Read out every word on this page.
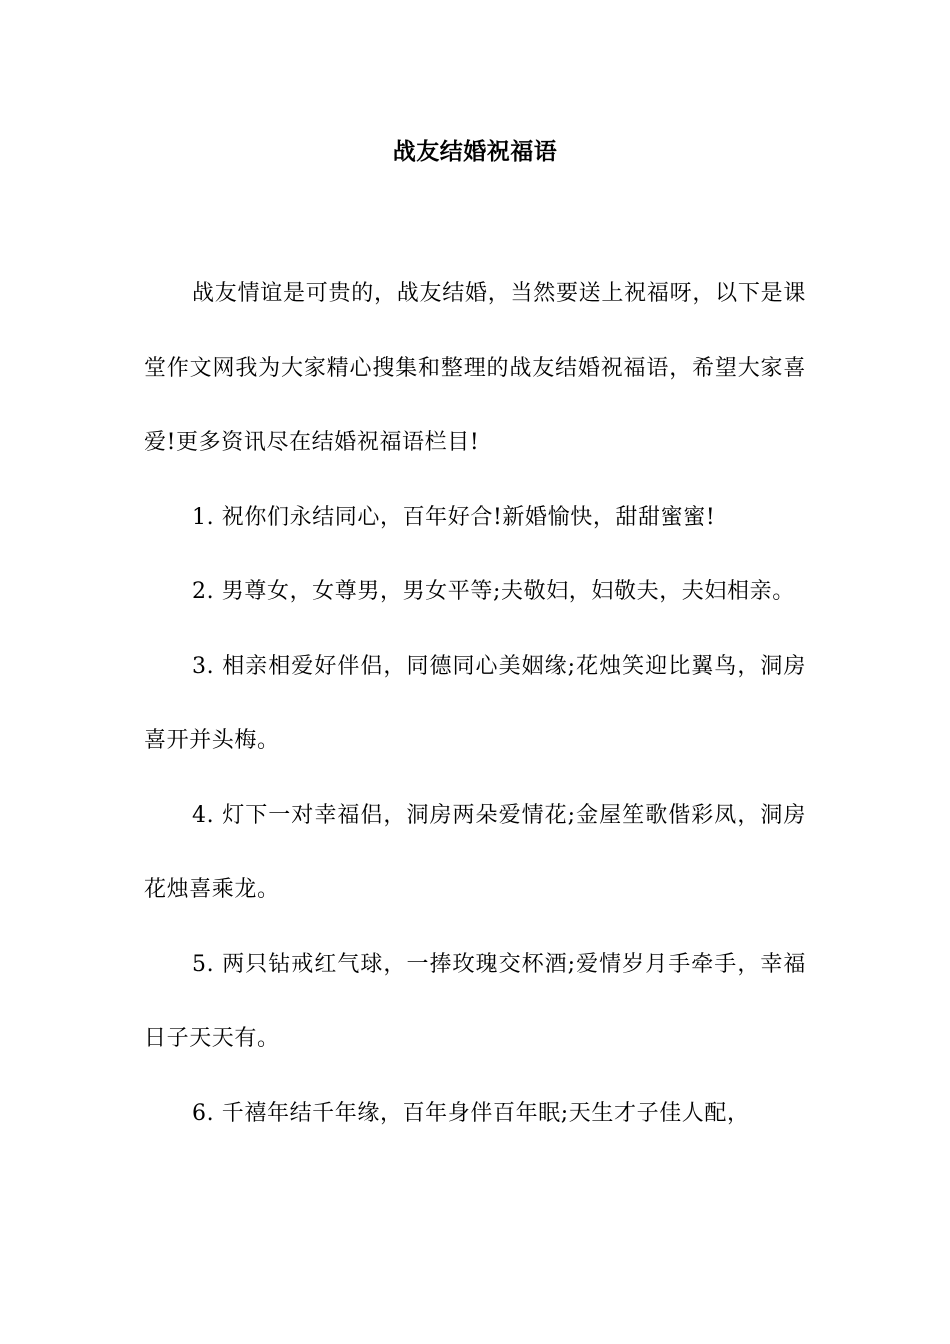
战友结婚祝福语

战友情谊是可贵的，战友结婚，当然要送上祝福呀，以下是课堂作文网我为大家精心搜集和整理的战友结婚祝福语，希望大家喜爱!更多资讯尽在结婚祝福语栏目!

1. 祝你们永结同心，百年好合!新婚愉快，甜甜蜜蜜!

2. 男尊女，女尊男，男女平等;夫敬妇，妇敬夫，夫妇相亲。

3. 相亲相爱好伴侣，同德同心美姻缘;花烛笑迎比翼鸟，洞房喜开并头梅。

4. 灯下一对幸福侣，洞房两朵爱情花;金屋笙歌偕彩凤，洞房花烛喜乘龙。

5. 两只钻戒红气球，一捧玫瑰交杯酒;爱情岁月手牵手，幸福日子天天有。

6. 千禧年结千年缘，百年身伴百年眠;天生才子佳人配，
